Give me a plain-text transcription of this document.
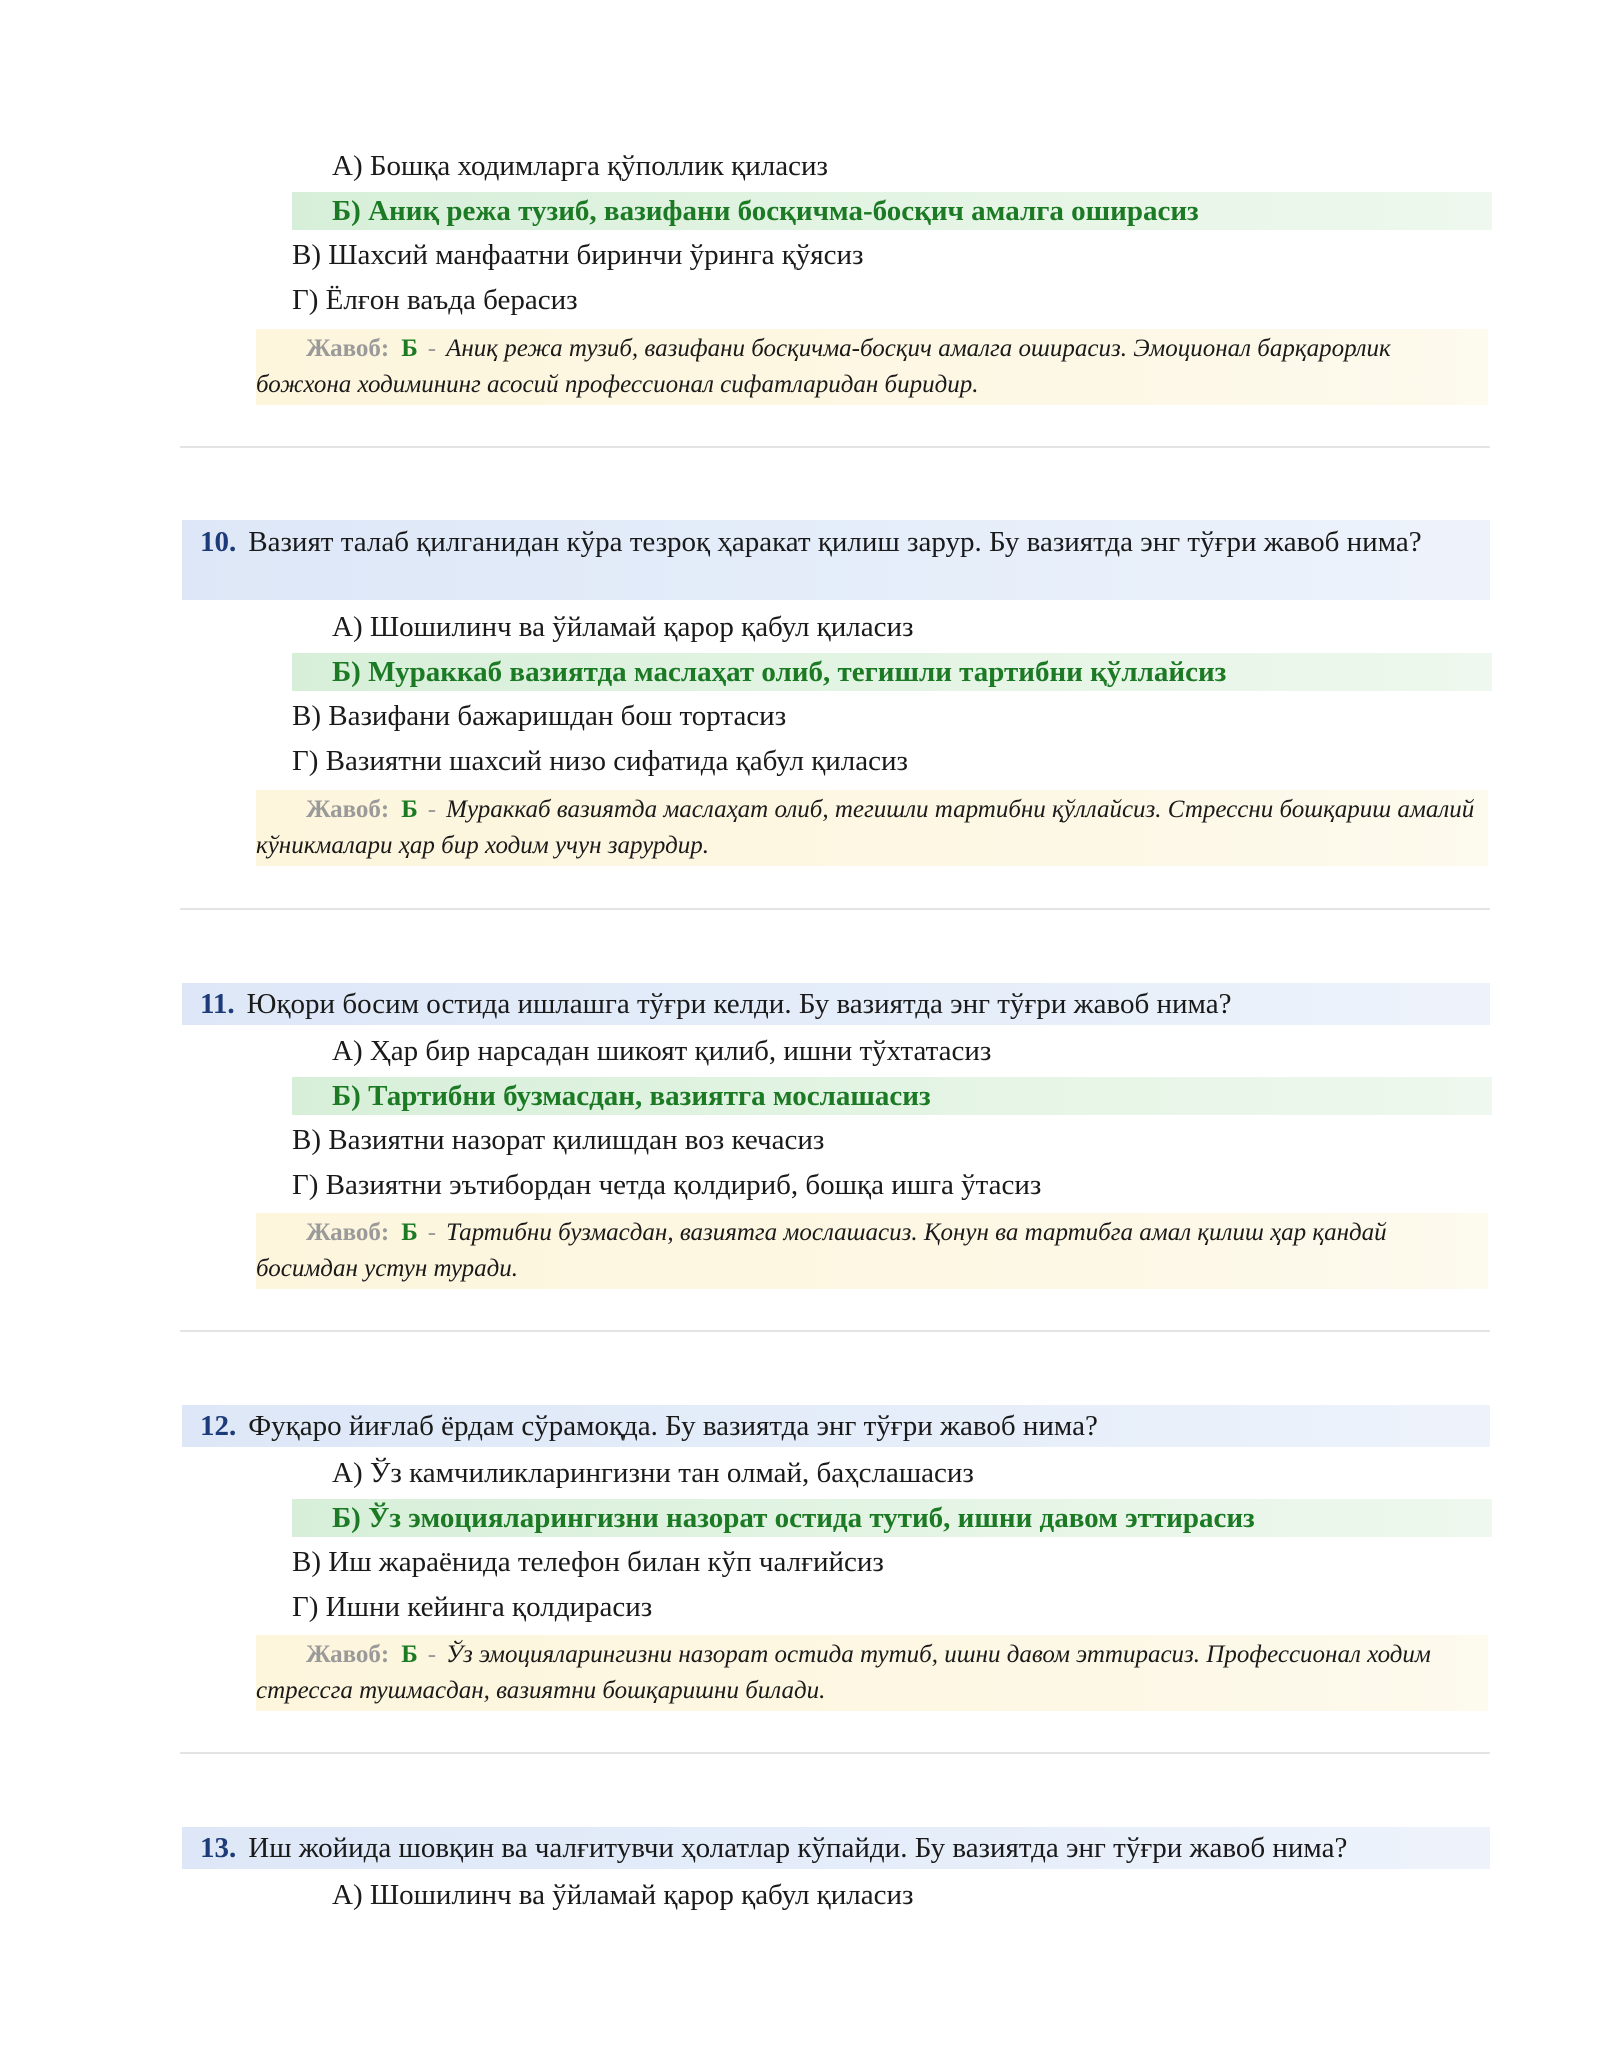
А) Бошқа ходимларга қўполлик қиласиз
Б) Аниқ режа тузиб, вазифани босқичма-босқич амалга оширасиз
В) Шахсий манфаатни биринчи ўринга қўясиз
Г) Ёлғон ваъда берасиз
Жавоб: Б - Аниқ режа тузиб, вазифани босқичма-босқич амалга оширасиз. Эмоционал барқарорлик божхона ходимининг асосий профессионал сифатларидан биридир.
10. Вазият талаб қилганидан кўра тезроқ ҳаракат қилиш зарур. Бу вазиятда энг тўғри жавоб нима?
А) Шошилинч ва ўйламай қарор қабул қиласиз
Б) Мураккаб вазиятда маслаҳат олиб, тегишли тартибни қўллайсиз
В) Вазифани бажаришдан бош тортасиз
Г) Вазиятни шахсий низо сифатида қабул қиласиз
Жавоб: Б - Мураккаб вазиятда маслаҳат олиб, тегишли тартибни қўллайсиз. Стрессни бошқариш амалий кўникмалари ҳар бир ходим учун зарурдир.
11. Юқори босим остида ишлашга тўғри келди. Бу вазиятда энг тўғри жавоб нима?
А) Ҳар бир нарсадан шикоят қилиб, ишни тўхтатасиз
Б) Тартибни бузмасдан, вазиятга мослашасиз
В) Вазиятни назорат қилишдан воз кечасиз
Г) Вазиятни эътибордан четда қолдириб, бошқа ишга ўтасиз
Жавоб: Б - Тартибни бузмасдан, вазиятга мослашасиз. Қонун ва тартибга амал қилиш ҳар қандай босимдан устун туради.
12. Фуқаро йиғлаб ёрдам сўрамоқда. Бу вазиятда энг тўғри жавоб нима?
А) Ўз камчиликларингизни тан олмай, баҳслашасиз
Б) Ўз эмоцияларингизни назорат остида тутиб, ишни давом эттирасиз
В) Иш жараёнида телефон билан кўп чалғийсиз
Г) Ишни кейинга қолдирасиз
Жавоб: Б - Ўз эмоцияларингизни назорат остида тутиб, ишни давом эттирасиз. Профессионал ходим стрессга тушмасдан, вазиятни бошқаришни билади.
13. Иш жойида шовқин ва чалғитувчи ҳолатлар кўпайди. Бу вазиятда энг тўғри жавоб нима?
А) Шошилинч ва ўйламай қарор қабул қиласиз
